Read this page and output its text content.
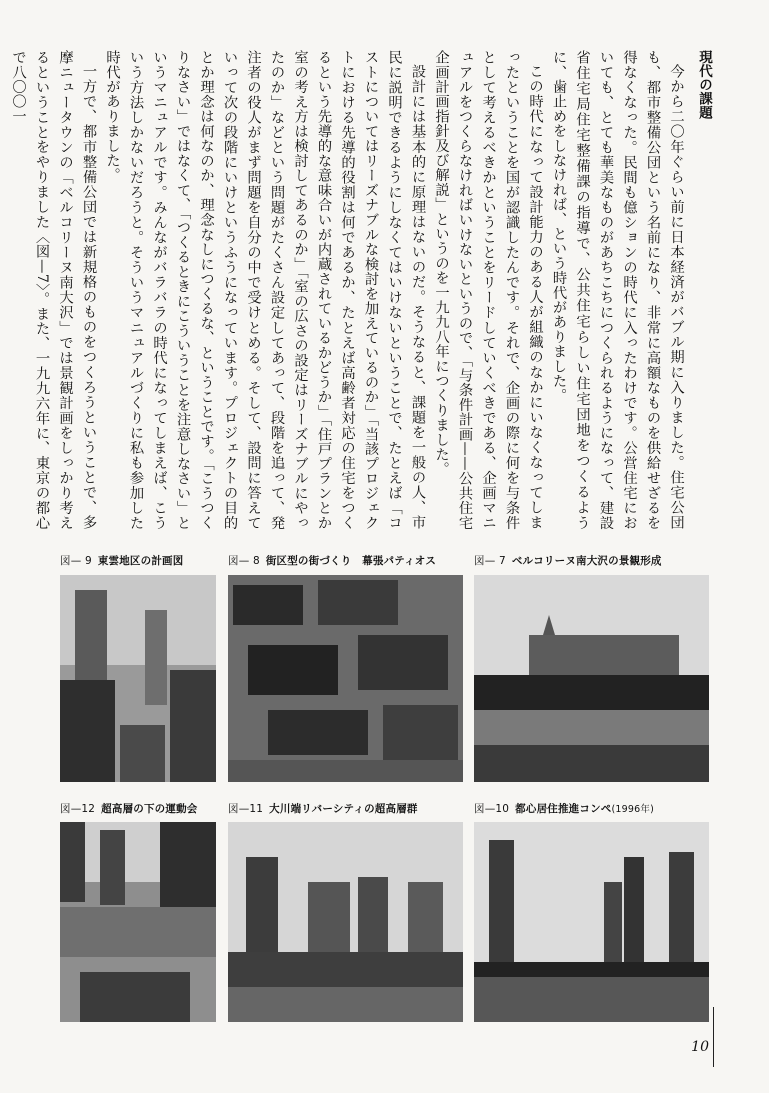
現代の課題

今から二〇年ぐらい前に日本経済がバブル期に入りました。住宅公団も、都市整備公団という名前になり、非常に高額なものを供給せざるを得なくなった。民間も億ションの時代に入ったわけです。公営住宅においても、とても華美なものがあちこちにつくられるようになって、建設省住宅局住宅整備課の指導で、公共住宅らしい住宅団地をつくるように、歯止めをしなければ、という時代がありました。

この時代になって設計能力のある人が組織のなかにいなくなってしまったということを国が認識したんです。それで、企画の際に何を与条件として考えるべきかということをリードしていくべきである、企画マニュアルをつくらなければいけないというので、「与条件計画——公共住宅企画計画指針及び解説」というのを一九九八年につくりました。

設計には基本的に原理はないのだ。そうなると、課題を一般の人、市民に説明できるようにしなくてはいけないということで、たとえば「コストについてはリーズナブルな検討を加えているのか」「当該プロジェクトにおける先導的役割は何であるか、たとえば高齢者対応の住宅をつくるという先導的な意味合いが内蔵されているかどうか」「住戸プランとか室の考え方は検討してあるのか」「室の広さの設定はリーズナブルにやったのか」などという問題がたくさん設定してあって、段階を追って、発注者の役人がまず問題を自分の中で受けとめる。そして、設問に答えていって次の段階にいけというふうになっています。プロジェクトの目的とか理念は何なのか、理念なしにつくるな、ということです。「こうつくりなさい」ではなくて、「つくるときにこういうことを注意しなさい」というマニュアルです。みんながバラバラの時代になってしまえば、こういう方法しかないだろうと。そういうマニュアルづくりに私も参加した時代がありました。

一方で、都市整備公団では新規格のものをつくろうということで、多摩ニュータウンの「ベルコリーヌ南大沢」では景観計画をしっかり考えるということをやりました〈図—7〉。また、一九九六年に、東京の都心で八〇〇一

図— 9 東雲地区の計画図	図— 8 街区型の街づくり　幕張パティオス	図— 7 ベルコリーヌ南大沢の景観形成
図—12 超高層の下の運動会	図—11 大川端リバーシティの超高層群	図—10 都心居住推進コンペ(1996年)
10
